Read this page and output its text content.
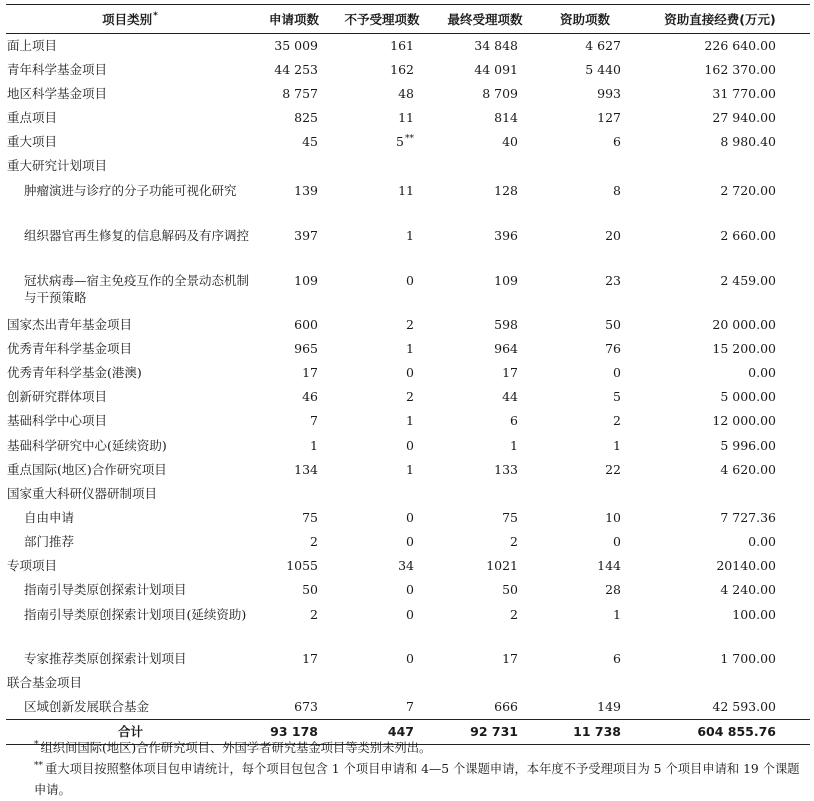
项目类别*	申请项数	不予受理项数	最终受理项数	资助项数	资助直接经费(万元)
面上项目	35 009	161	34 848	4 627	226 640.00
青年科学基金项目	44 253	162	44 091	5 440	162 370.00
地区科学基金项目	8 757	48	8 709	993	31 770.00
重点项目	825	11	814	127	27 940.00
重大项目	45	5**	40	6	8 980.40
重大研究计划项目					

肿瘤演进与诊疗的分子功能可视化研究	139	11	128	8	2 720.00

组织器官再生修复的信息解码及有序调控	397	1	396	20	2 660.00

冠状病毒—宿主免疫互作的全景动态机制与干预策略	109	0	109	23	2 459.00
国家杰出青年基金项目	600	2	598	50	20 000.00
优秀青年科学基金项目	965	1	964	76	15 200.00
优秀青年科学基金(港澳)	17	0	17	0	0.00
创新研究群体项目	46	2	44	5	5 000.00
基础科学中心项目	7	1	6	2	12 000.00
基础科学研究中心(延续资助)	1	0	1	1	5 996.00
重点国际(地区)合作研究项目	134	1	133	22	4 620.00
国家重大科研仪器研制项目					

自由申请	75	0	75	10	7 727.36

部门推荐	2	0	2	0	0.00
专项项目	1055	34	1021	144	20140.00

指南引导类原创探索计划项目	50	0	50	28	4 240.00

指南引导类原创探索计划项目(延续资助)	2	0	2	1	100.00

专家推荐类原创探索计划项目	17	0	17	6	1 700.00
联合基金项目					

区域创新发展联合基金	673	7	666	149	42 593.00
合计	93 178	447	92 731	11 738	604 855.76

* 组织间国际(地区)合作研究项目、外国学者研究基金项目等类别未列出。

** 重大项目按照整体项目包申请统计，每个项目包包含 1 个项目申请和 4—5 个课题申请，本年度不予受理项目为 5 个项目申请和 19 个课题申请。
